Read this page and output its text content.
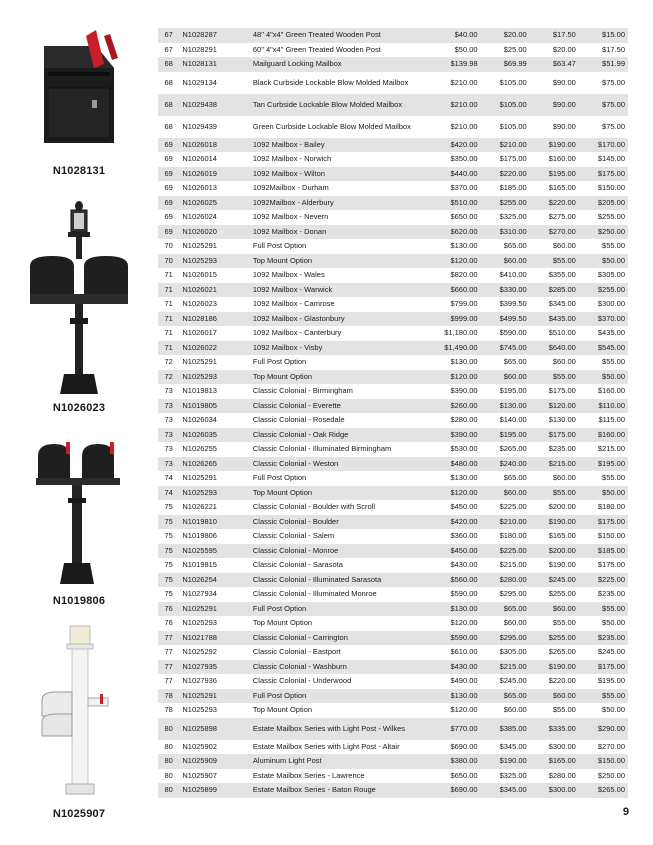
N1028131
N1026023
N1019806
N1025907
67	N1028287	48" 4"x4" Green Treated Wooden Post	$40.00	$20.00	$17.50	$15.00
67	N1028291	60" 4"x4" Green Treated Wooden Post	$50.00	$25.00	$20.00	$17.50
68	N1028131	Mailguard Locking Mailbox	$139.98	$69.99	$63.47	$51.99
68	N1029134	Black Curbside Lockable Blow Molded Mailbox	$210.00	$105.00	$90.00	$75.00
68	N1029438	Tan Curbside Lockable Blow Molded Mailbox	$210.00	$105.00	$90.00	$75.00
68	N1029439	Green Curbside Lockable Blow Molded Mailbox	$210.00	$105.00	$90.00	$75.00
69	N1026018	1092 Mailbox - Bailey	$420.00	$210.00	$190.00	$170.00
69	N1026014	1092 Mailbox - Norwich	$350.00	$175.00	$160.00	$145.00
69	N1026019	1092 Mailbox - Wilton	$440.00	$220.00	$195.00	$175.00
69	N1026013	1092Mailbox - Durham	$370.00	$185.00	$165.00	$150.00
69	N1026025	1092Mailbox - Alderbury	$510.00	$255.00	$220.00	$205.00
69	N1026024	1092 Mailbox - Nevern	$650.00	$325.00	$275.00	$255.00
69	N1026020	1092 Mailbox - Donan	$620.00	$310.00	$270.00	$250.00
70	N1025291	Full Post Option	$130.00	$65.00	$60.00	$55.00
70	N1025293	Top Mount Option	$120.00	$60.00	$55.00	$50.00
71	N1026015	1092 Mailbox - Wales	$820.00	$410.00	$355.00	$305.00
71	N1026021	1092 Mailbox - Warwick	$660.00	$330.00	$285.00	$255.00
71	N1026023	1092 Mailbox - Camrose	$799.00	$399.50	$345.00	$300.00
71	N1028186	1092 Mailbox - Glastonbury	$999.00	$499.50	$435.00	$370.00
71	N1026017	1092 Mailbox - Canterbury	$1,180.00	$590.00	$510.00	$435.00
71	N1026022	1092 Mailbox - Visby	$1,490.00	$745.00	$640.00	$545.00
72	N1025291	Full Post Option	$130.00	$65.00	$60.00	$55.00
72	N1025293	Top Mount Option	$120.00	$60.00	$55.00	$50.00
73	N1019813	Classic Colonial - Birmingham	$390.00	$195.00	$175.00	$160.00
73	N1019805	Classic Colonial - Everette	$260.00	$130.00	$120.00	$110.00
73	N1026034	Classic Colonial - Rosedale	$280.00	$140.00	$130.00	$115.00
73	N1026035	Classic Colonial - Oak Ridge	$390.00	$195.00	$175.00	$160.00
73	N1026255	Classic Colonial - Illuminated Birmingham	$530.00	$265.00	$235.00	$215.00
73	N1026265	Classic Colonial - Weston	$480.00	$240.00	$215.00	$195.00
74	N1025291	Full Post Option	$130.00	$65.00	$60.00	$55.00
74	N1025293	Top Mount Option	$120.00	$60.00	$55.00	$50.00
75	N1026221	Classic Colonial - Boulder with Scroll	$450.00	$225.00	$200.00	$180.00
75	N1019810	Classic Colonial - Boulder	$420.00	$210.00	$190.00	$175.00
75	N1019806	Classic Colonial - Salem	$360.00	$180.00	$165.00	$150.00
75	N1025595	Classic Colonial - Monroe	$450.00	$225.00	$200.00	$185.00
75	N1019815	Classic Colonial - Sarasota	$430.00	$215.00	$190.00	$175.00
75	N1026254	Classic Colonial - Illuminated Sarasota	$560.00	$280.00	$245.00	$225.00
75	N1027934	Classic Colonial - Illuminated Monroe	$590.00	$295.00	$255.00	$235.00
76	N1025291	Full Post Option	$130.00	$65.00	$60.00	$55.00
76	N1025293	Top Mount Option	$120.00	$60.00	$55.00	$50.00
77	N1021788	Classic Colonial - Carrington	$590.00	$295.00	$255.00	$235.00
77	N1025292	Classic Colonial - Eastport	$610.00	$305.00	$265.00	$245.00
77	N1027935	Classic Colonial - Washburn	$430.00	$215.00	$190.00	$175.00
77	N1027936	Classic Colonial - Underwood	$490.00	$245.00	$220.00	$195.00
78	N1025291	Full Post Option	$130.00	$65.00	$60.00	$55.00
78	N1025293	Top Mount Option	$120.00	$60.00	$55.00	$50.00
80	N1025898	Estate Mailbox Series with Light Post - Wilkes	$770.00	$385.00	$335.00	$290.00
80	N1025902	Estate Mailbox Series with Light Post - Altair	$690.00	$345.00	$300.00	$270.00
80	N1025909	Aluminum Light Post	$380.00	$190.00	$165.00	$150.00
80	N1025907	Estate Mailbox Series - Lawrence	$650.00	$325.00	$280.00	$250.00
80	N1025899	Estate Mailbox Series - Baton Rouge	$690.00	$345.00	$300.00	$265.00
9
